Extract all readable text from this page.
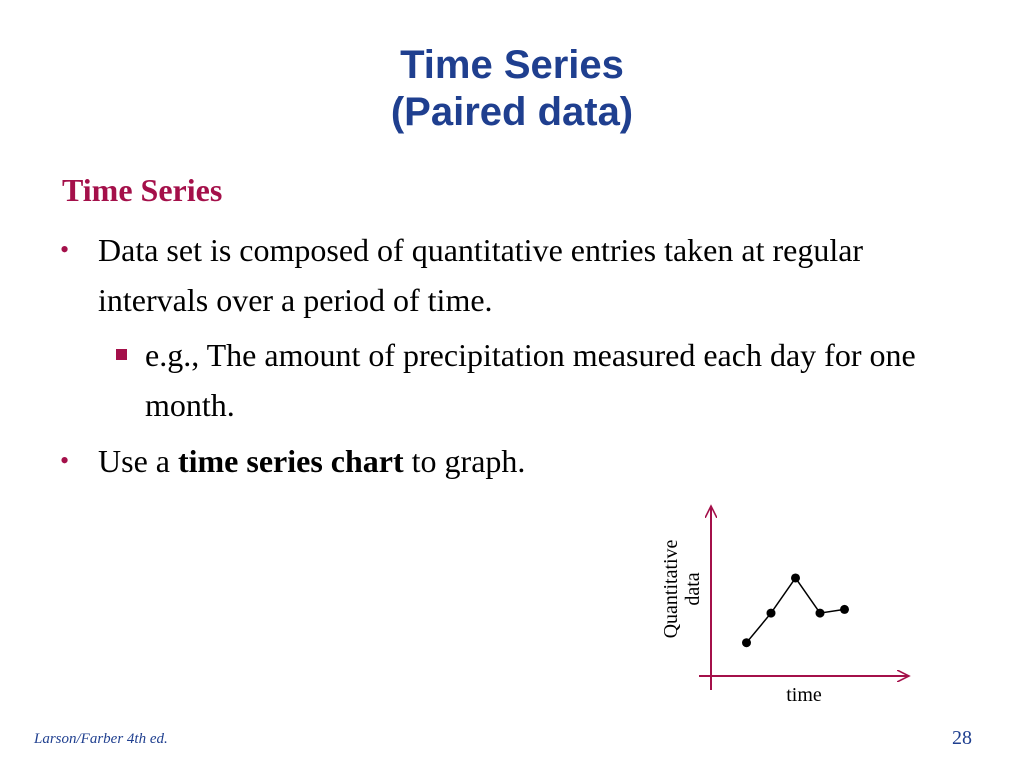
Time Series
(Paired data)
Time Series
• Data set is composed of quantitative entries taken at regular intervals over a period of time.
e.g., The amount of precipitation measured each day for one month.
• Use a time series chart to graph.
time
Quantitative data
Larson/Farber 4th ed.	28
